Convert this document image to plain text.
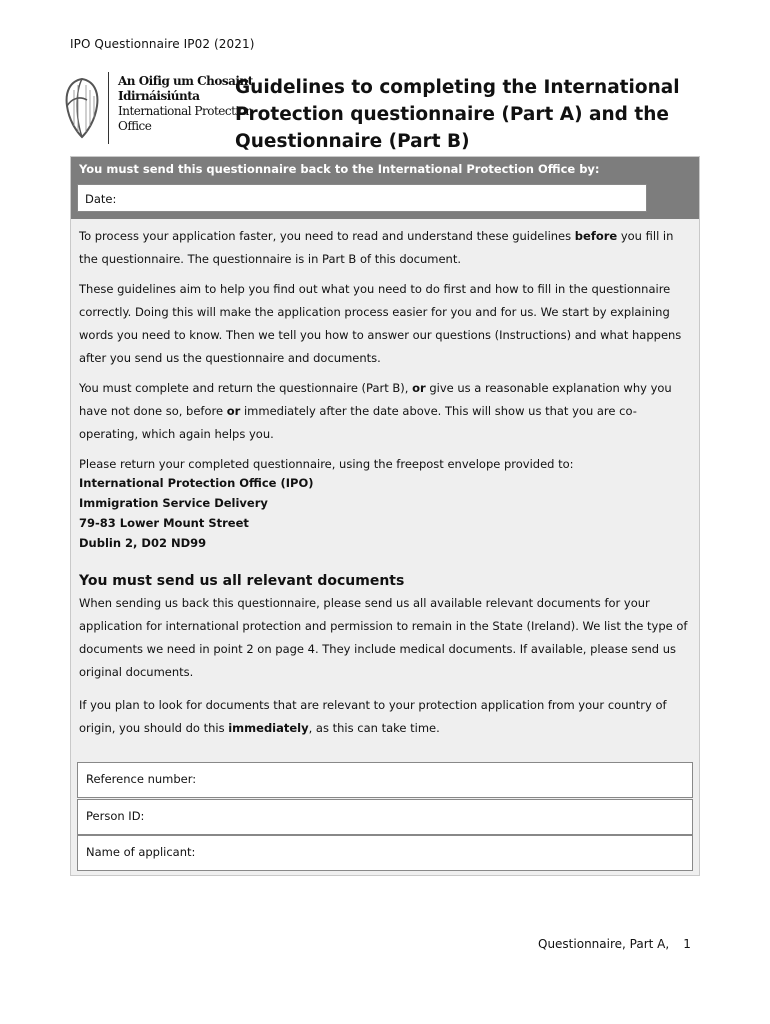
IPO Questionnaire IP02 (2021)
An Oifig um Chosaint
Idirnáisiúnta
International Protection
Office
Guidelines to completing the International Protection questionnaire (Part A) and the Questionnaire (Part B)
You must send this questionnaire back to the International Protection Office by:
Date:

To process your application faster, you need to read and understand these guidelines before you fill in the questionnaire. The questionnaire is in Part B of this document.

These guidelines aim to help you find out what you need to do first and how to fill in the questionnaire correctly. Doing this will make the application process easier for you and for us. We start by explaining words you need to know. Then we tell you how to answer our questions (Instructions) and what happens after you send us the questionnaire and documents.

You must complete and return the questionnaire (Part B), or give us a reasonable explanation why you have not done so, before or immediately after the date above. This will show us that you are co-operating, which again helps you.

Please return your completed questionnaire, using the freepost envelope provided to:

International Protection Office (IPO)
Immigration Service Delivery
79-83 Lower Mount Street
Dublin 2, D02 ND99
You must send us all relevant documents

When sending us back this questionnaire, please send us all available relevant documents for your application for international protection and permission to remain in the State (Ireland). We list the type of documents we need in point 2 on page 4. They include medical documents. If available, please send us original documents.

If you plan to look for documents that are relevant to your protection application from your country of origin, you should do this immediately, as this can take time.

Reference number:
Person ID:
Name of applicant:
Questionnaire, Part A, 1
